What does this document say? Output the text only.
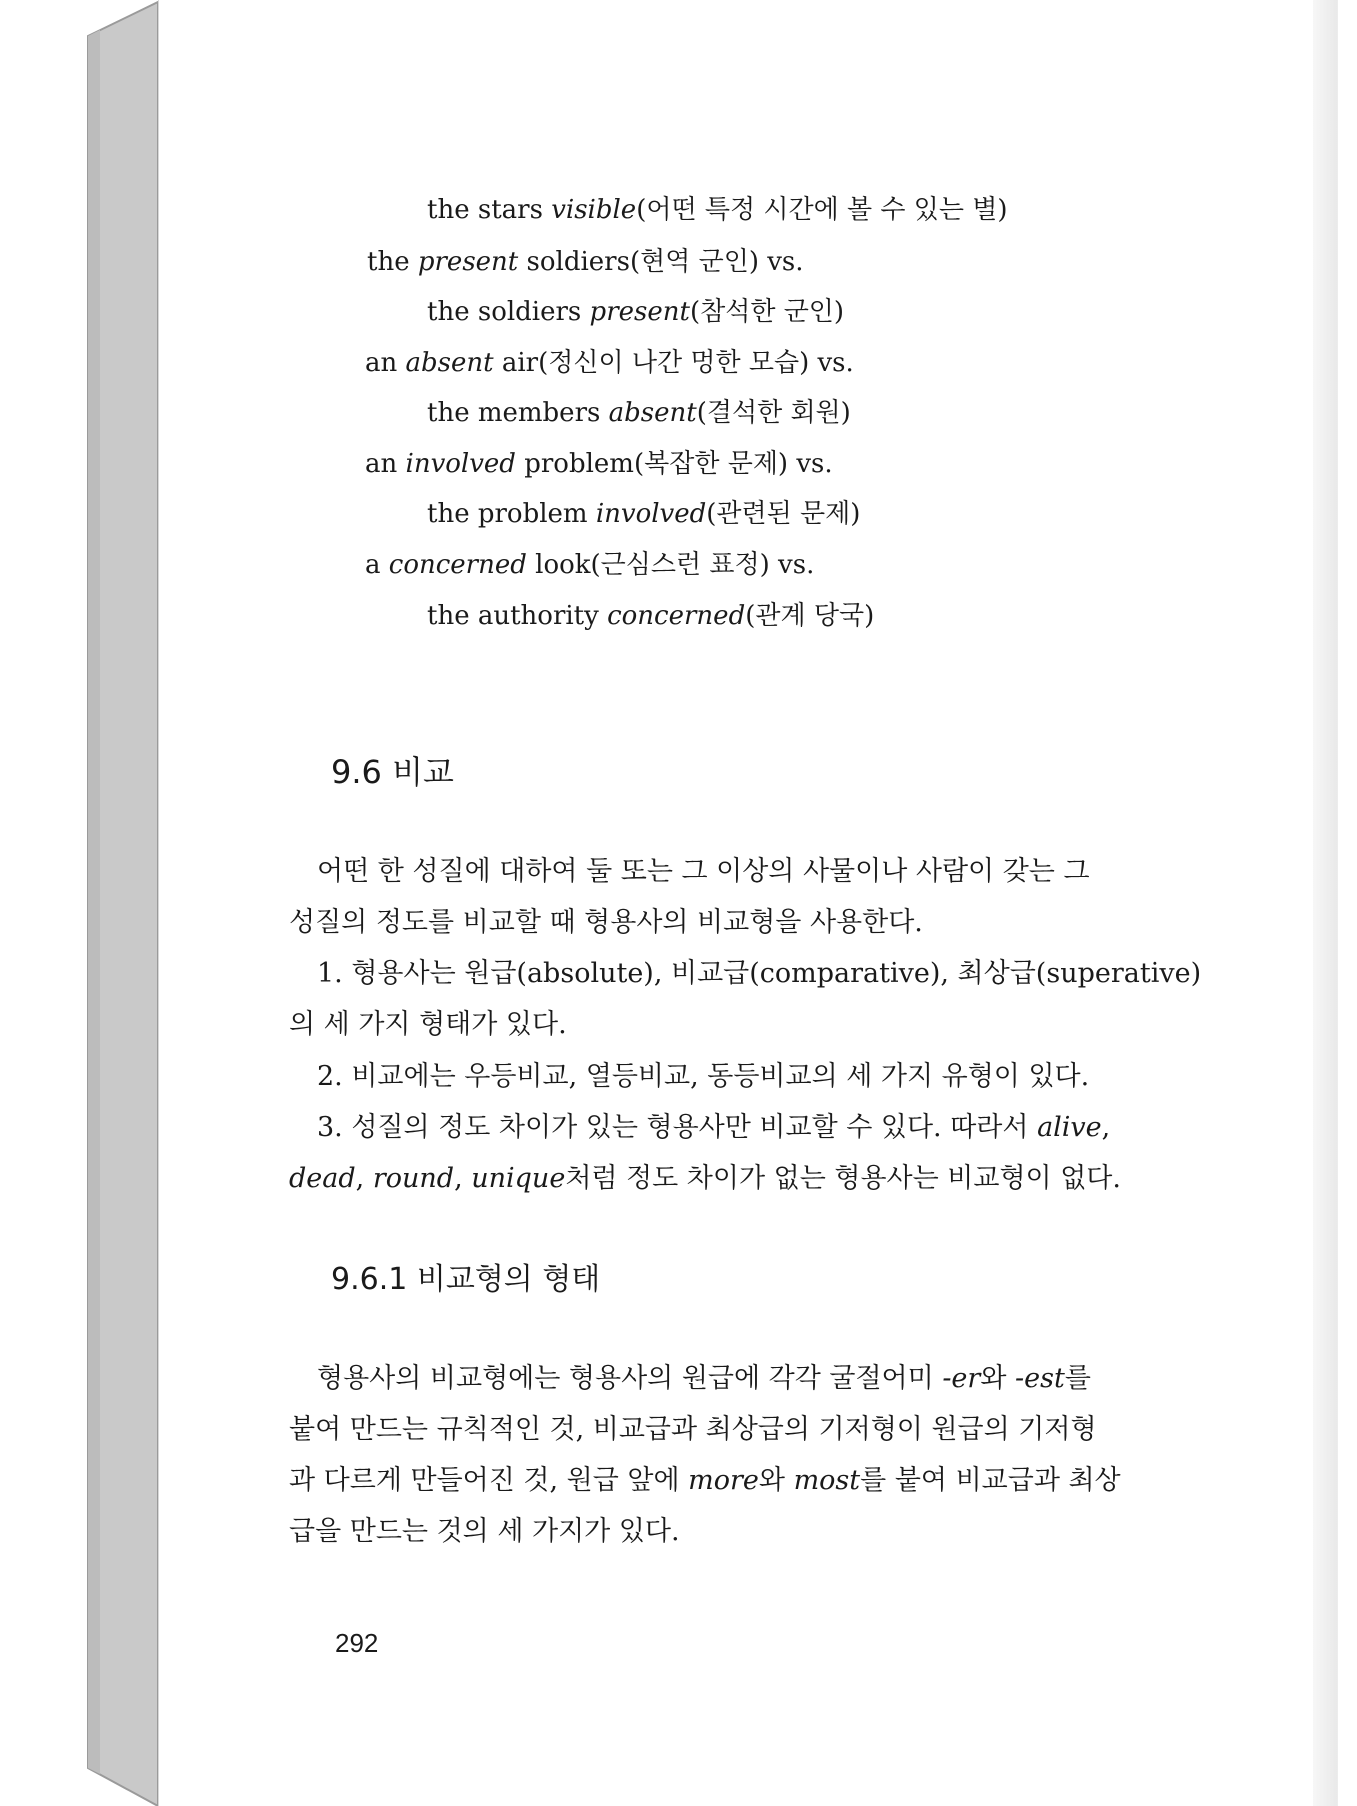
the stars visible(어떤 특정 시간에 볼 수 있는 별)
the present soldiers(현역 군인) vs.
the soldiers present(참석한 군인)
an absent air(정신이 나간 멍한 모습) vs.
the members absent(결석한 회원)
an involved problem(복잡한 문제) vs.
the problem involved(관련된 문제)
a concerned look(근심스런 표정) vs.
the authority concerned(관계 당국)
9.6 비교
어떤 한 성질에 대하여 둘 또는 그 이상의 사물이나 사람이 갖는 그
성질의 정도를 비교할 때 형용사의 비교형을 사용한다.
1. 형용사는 원급(absolute), 비교급(comparative), 최상급(superative)
의 세 가지 형태가 있다.
2. 비교에는 우등비교, 열등비교, 동등비교의 세 가지 유형이 있다.
3. 성질의 정도 차이가 있는 형용사만 비교할 수 있다. 따라서 alive,
dead, round, unique처럼 정도 차이가 없는 형용사는 비교형이 없다.
9.6.1 비교형의 형태
형용사의 비교형에는 형용사의 원급에 각각 굴절어미 -er와 -est를
붙여 만드는 규칙적인 것, 비교급과 최상급의 기저형이 원급의 기저형
과 다르게 만들어진 것, 원급 앞에 more와 most를 붙여 비교급과 최상
급을 만드는 것의 세 가지가 있다.
292
